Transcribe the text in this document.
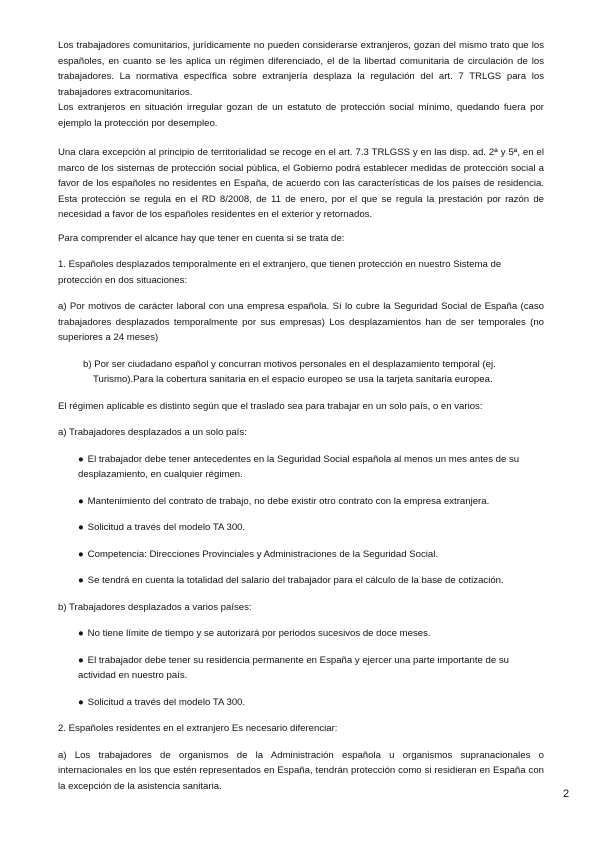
Los trabajadores comunitarios, jurídicamente no pueden considerarse extranjeros, gozan del mismo trato que los españoles, en cuanto se les aplica un régimen diferenciado, el de la libertad comunitaria de circulación de los trabajadores. La normativa específica sobre extranjería desplaza la regulación del art. 7 TRLGS para los trabajadores extracomunitarios.

Los extranjeros en situación irregular gozan de un estatuto de protección social mínimo, quedando fuera por ejemplo la protección por desempleo.

Una clara excepción al principio de territorialidad se recoge en el art. 7.3 TRLGSS y en las disp. ad. 2ª y 5ª, en el marco de los sistemas de protección social pública, el Gobierno podrá establecer medidas de protección social a favor de los españoles no residentes en España, de acuerdo con las características de los países de residencia. Esta protección se regula en el RD 8/2008, de 11 de enero, por el que se regula la prestación por razón de necesidad a favor de los españoles residentes en el exterior y retornados.

Para comprender el alcance hay que tener en cuenta si se trata de:

1. Españoles desplazados temporalmente en el extranjero, que tienen protección en nuestro Sistema de protección en dos situaciones:

a) Por motivos de carácter laboral con una empresa española. Sí lo cubre la Seguridad Social de España (caso trabajadores desplazados temporalmente por sus empresas) Los desplazamientos han de ser temporales (no superiores a 24 meses)

b) Por ser ciudadano español y concurran motivos personales en el desplazamiento temporal (ej.
Turismo).Para la cobertura sanitaria en el espacio europeo se usa la tarjeta sanitaria europea.

El régimen aplicable es distinto según que el traslado sea para trabajar en un solo país, o en varios:

a) Trabajadores desplazados a un solo país:

● El trabajador debe tener antecedentes en la Seguridad Social española al menos un mes antes de su desplazamiento, en cualquier régimen.

● Mantenimiento del contrato de trabajo, no debe existir otro contrato con la empresa extranjera.

● Solicitud a través del modelo TA 300.

● Competencia: Direcciones Provinciales y Administraciones de la Seguridad Social.

● Se tendrá en cuenta la totalidad del salario del trabajador para el cálculo de la base de cotización.

b) Trabajadores desplazados a varios países:

● No tiene límite de tiempo y se autorizará por periodos sucesivos de doce meses.

● El trabajador debe tener su residencia permanente en España y ejercer una parte importante de su actividad en nuestro país.

● Solicitud a través del modelo TA 300.

2. Españoles residentes en el extranjero Es necesario diferenciar:

a) Los trabajadores de organismos de la Administración española u organismos supranacionales o internacionales en los que estén representados en España, tendrán protección como si residieran en España con la excepción de la asistencia sanitaria.

2
